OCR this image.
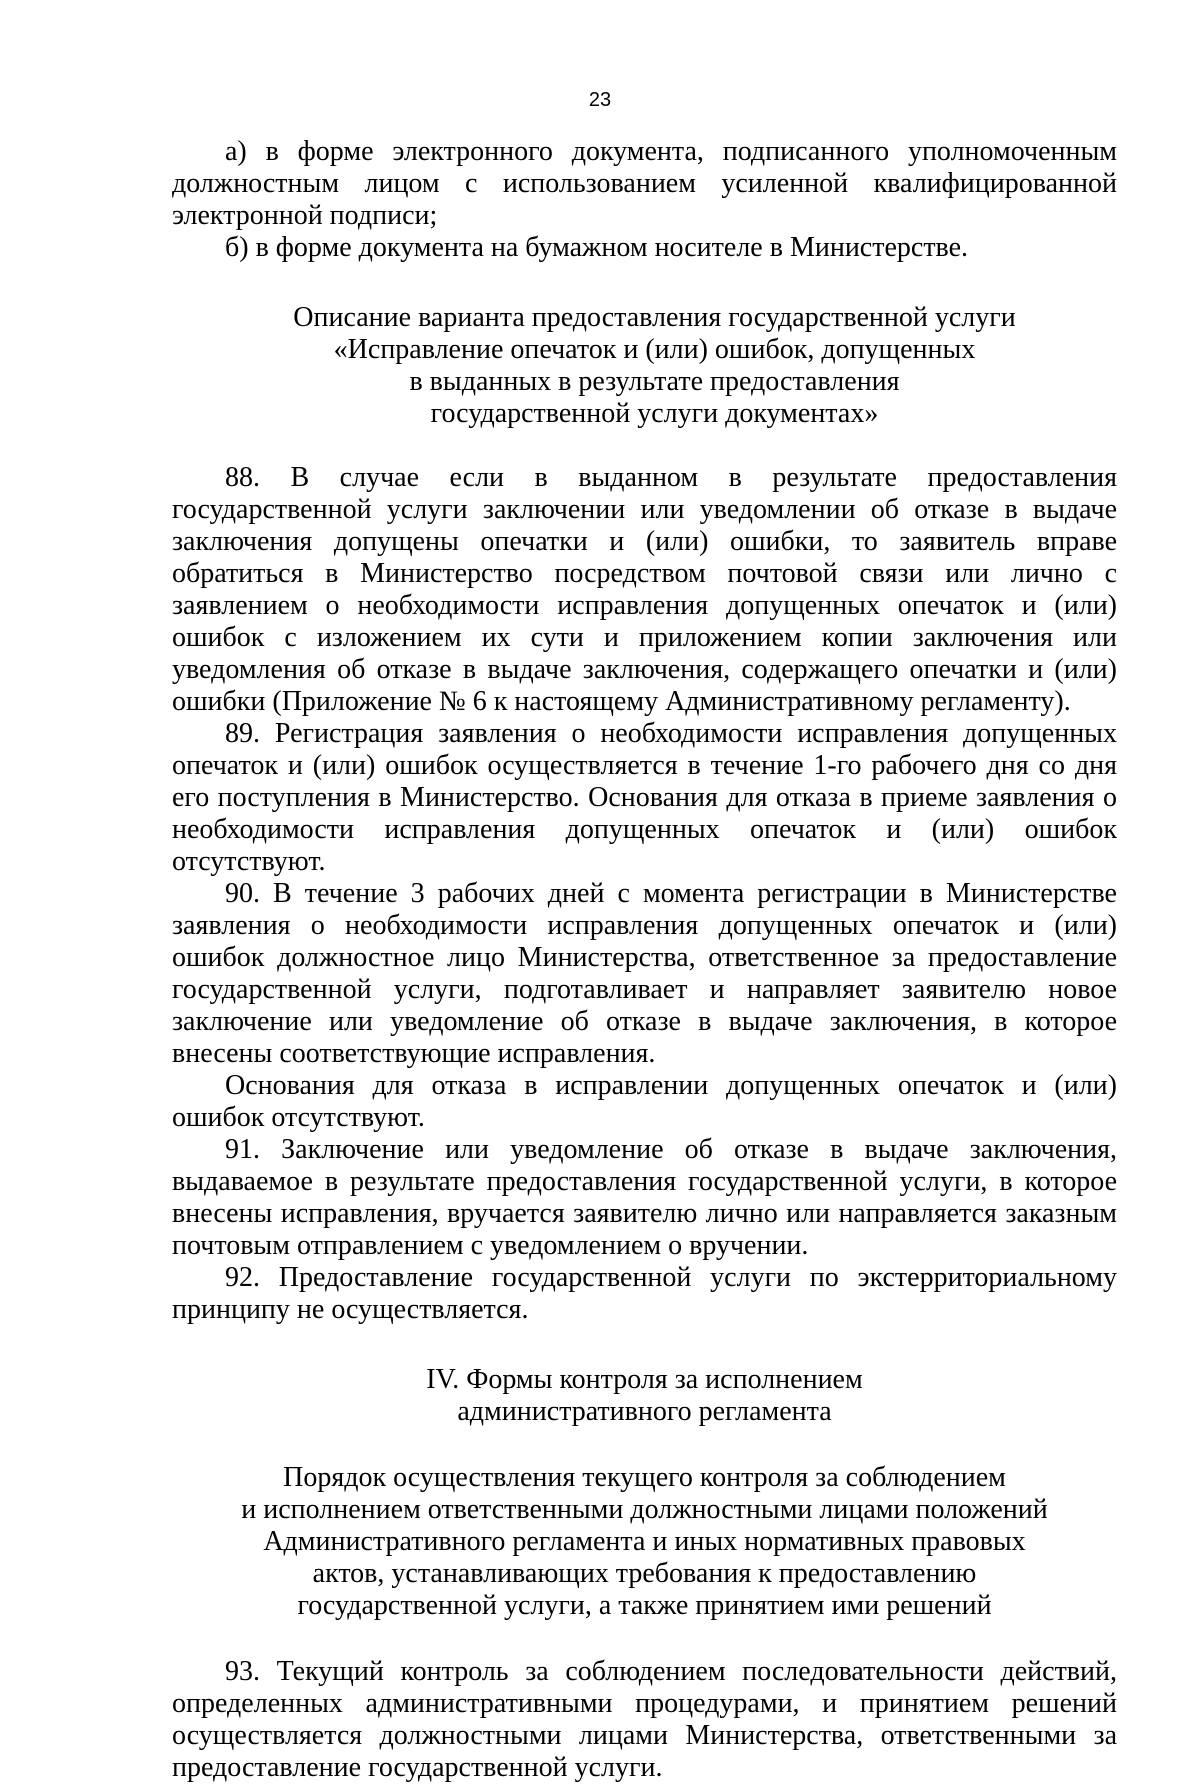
23

а) в форме электронного документа, подписанного уполномоченным должностным лицом с использованием усиленной квалифицированной электронной подписи;

б) в форме документа на бумажном носителе в Министерстве.

Описание варианта предоставления государственной услуги
«Исправление опечаток и (или) ошибок, допущенных
в выданных в результате предоставления
государственной услуги документах»

88. В случае если в выданном в результате предоставления государственной услуги заключении или уведомлении об отказе в выдаче заключения допущены опечатки и (или) ошибки, то заявитель вправе обратиться в Министерство посредством почтовой связи или лично с заявлением о необходимости исправления допущенных опечаток и (или) ошибок с изложением их сути и приложением копии заключения или уведомления об отказе в выдаче заключения, содержащего опечатки и (или) ошибки (Приложение № 6 к настоящему Административному регламенту).

89. Регистрация заявления о необходимости исправления допущенных опечаток и (или) ошибок осуществляется в течение 1-го рабочего дня со дня его поступления в Министерство. Основания для отказа в приеме заявления о необходимости исправления допущенных опечаток и (или) ошибок отсутствуют.

90. В течение 3 рабочих дней с момента регистрации в Министерстве заявления о необходимости исправления допущенных опечаток и (или) ошибок должностное лицо Министерства, ответственное за предоставление государственной услуги, подготавливает и направляет заявителю новое заключение или уведомление об отказе в выдаче заключения, в которое внесены соответствующие исправления.

Основания для отказа в исправлении допущенных опечаток и (или) ошибок отсутствуют.

91. Заключение или уведомление об отказе в выдаче заключения, выдаваемое в результате предоставления государственной услуги, в которое внесены исправления, вручается заявителю лично или направляется заказным почтовым отправлением с уведомлением о вручении.

92. Предоставление государственной услуги по экстерриториальному принципу не осуществляется.

IV. Формы контроля за исполнением
административного регламента
Порядок осуществления текущего контроля за соблюдением
и исполнением ответственными должностными лицами положений
Административного регламента и иных нормативных правовых
актов, устанавливающих требования к предоставлению
государственной услуги, а также принятием ими решений

93. Текущий контроль за соблюдением последовательности действий, определенных административными процедурами, и принятием решений осуществляется должностными лицами Министерства, ответственными за предоставление государственной услуги.
